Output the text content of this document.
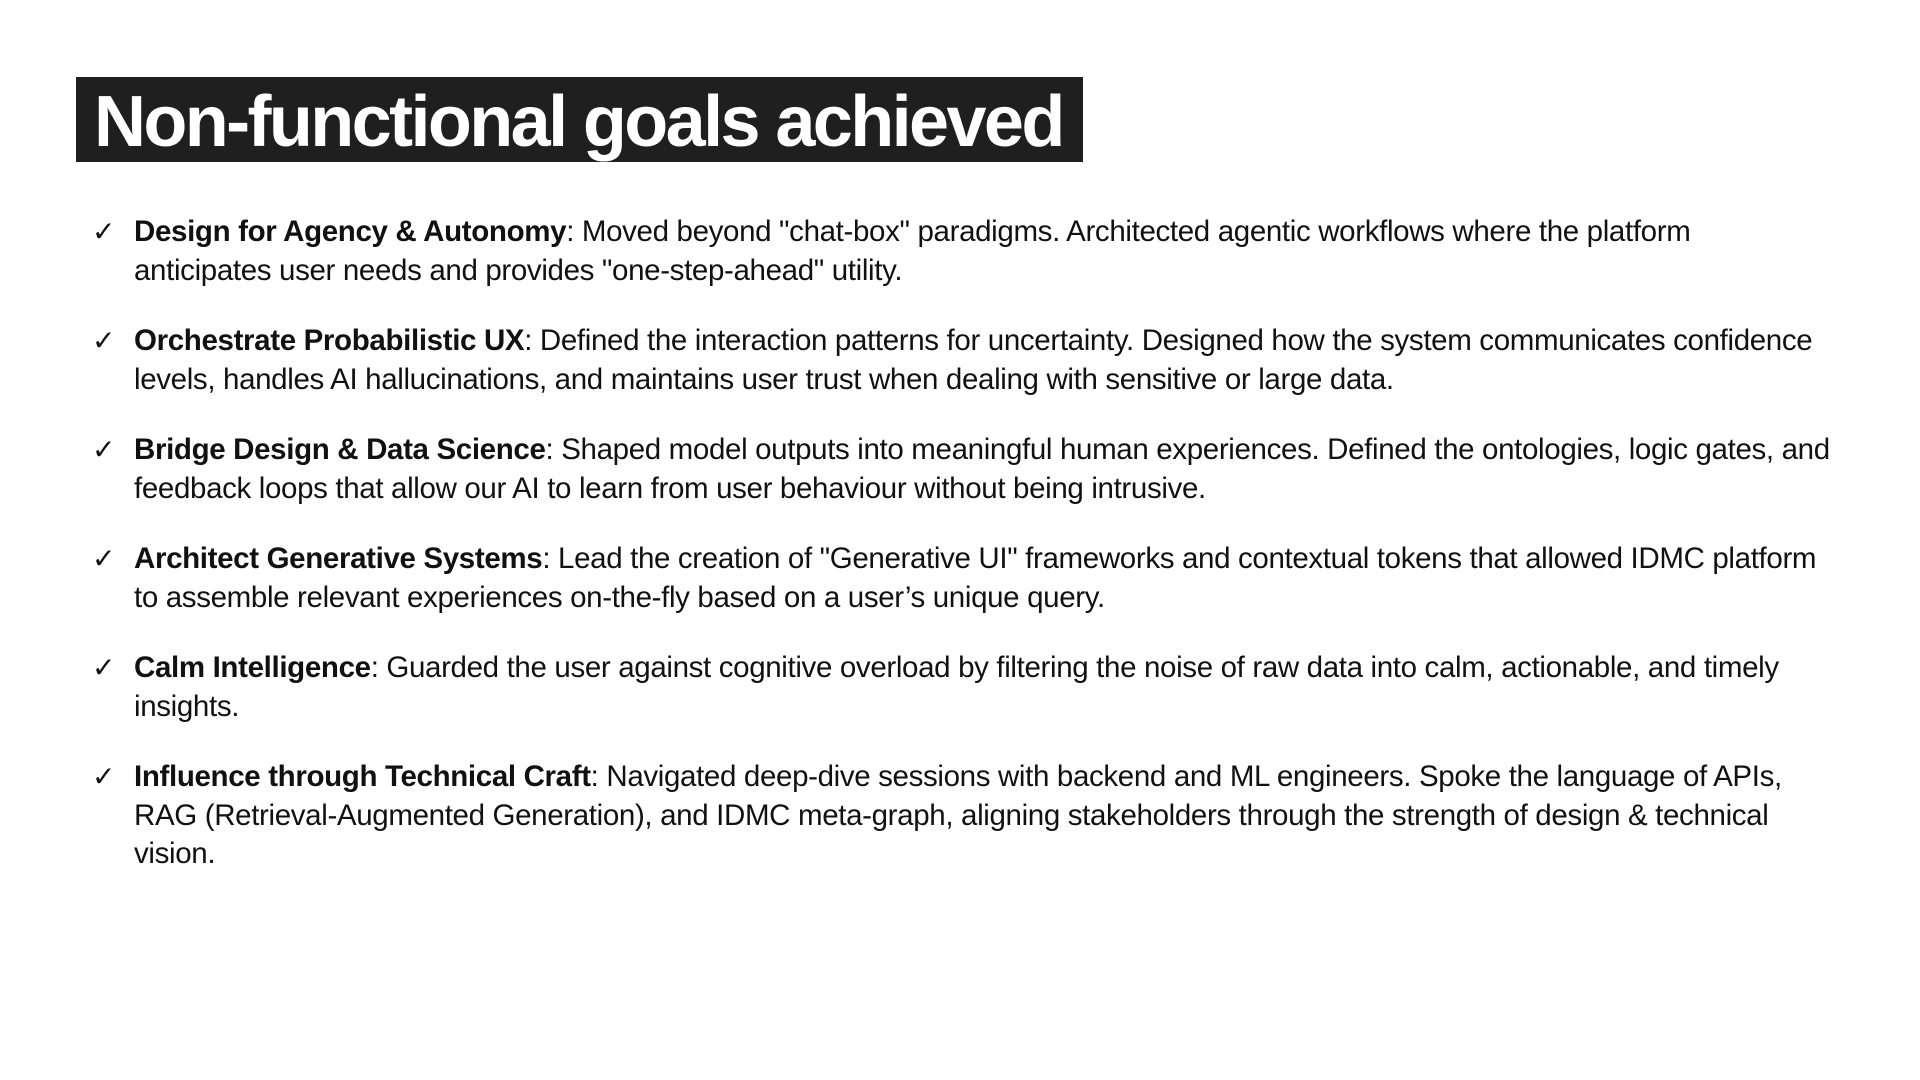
Non-functional goals achieved
✓ Design for Agency & Autonomy: Moved beyond "chat-box" paradigms. Architected agentic workflows where the platform anticipates user needs and provides "one-step-ahead" utility.
✓ Orchestrate Probabilistic UX: Defined the interaction patterns for uncertainty. Designed how the system communicates confidence levels, handles AI hallucinations, and maintains user trust when dealing with sensitive or large data.
✓ Bridge Design & Data Science: Shaped model outputs into meaningful human experiences. Defined the ontologies, logic gates, and feedback loops that allow our AI to learn from user behaviour without being intrusive.
✓ Architect Generative Systems: Lead the creation of "Generative UI" frameworks and contextual tokens that allowed IDMC platform to assemble relevant experiences on-the-fly based on a user’s unique query.
✓ Calm Intelligence: Guarded the user against cognitive overload by filtering the noise of raw data into calm, actionable, and timely insights.
✓ Influence through Technical Craft: Navigated deep-dive sessions with backend and ML engineers. Spoke the language of APIs, RAG (Retrieval-Augmented Generation), and IDMC meta-graph, aligning stakeholders through the strength of design & technical vision.
